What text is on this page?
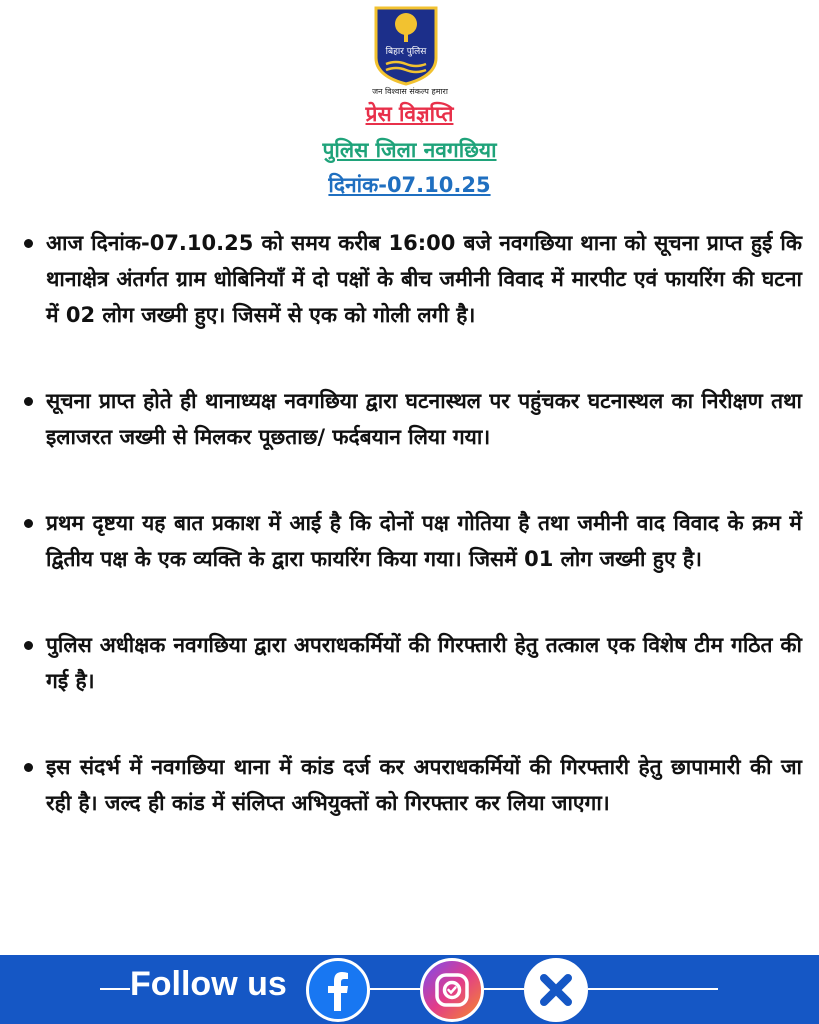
बिहार पुलिस
जन विश्वास संकल्प हमारा
प्रेस विज्ञप्ति
पुलिस जिला नवगछिया
दिनांक-07.10.25
आज दिनांक-07.10.25 को समय करीब 16:00 बजे नवगछिया थाना को सूचना प्राप्त हुई कि थानाक्षेत्र अंतर्गत ग्राम धोबिनियाँ में दो पक्षों के बीच जमीनी विवाद में मारपीट एवं फायरिंग की घटना में 02 लोग जख्मी हुए। जिसमें से एक को गोली लगी है।
सूचना प्राप्त होते ही थानाध्यक्ष नवगछिया द्वारा घटनास्थल पर पहुंचकर घटनास्थल का निरीक्षण तथा इलाजरत जख्मी से मिलकर पूछताछ/ फर्दबयान लिया गया।
प्रथम दृष्टया यह बात प्रकाश में आई है कि दोनों पक्ष गोतिया है तथा जमीनी वाद विवाद के क्रम में द्वितीय पक्ष के एक व्यक्ति के द्वारा फायरिंग किया गया। जिसमें 01 लोग जख्मी हुए है।
पुलिस अधीक्षक नवगछिया द्वारा अपराधकर्मियों की गिरफ्तारी हेतु तत्काल एक विशेष टीम गठित की गई है।
इस संदर्भ में नवगछिया थाना में कांड दर्ज कर अपराधकर्मियों की गिरफ्तारी हेतु छापामारी की जा रही है। जल्द ही कांड में संलिप्त अभियुक्तों को गिरफ्तार कर लिया जाएगा।
Follow us
